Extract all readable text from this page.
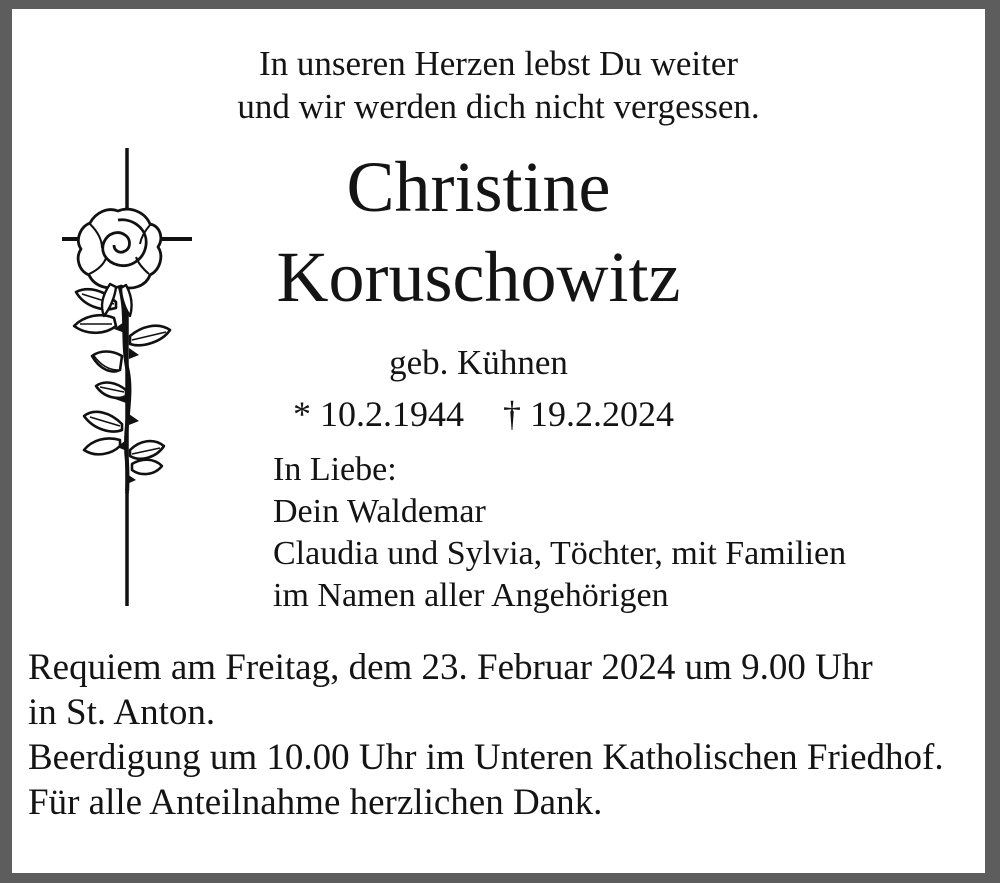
In unseren Herzen lebst Du weiter
und wir werden dich nicht vergessen.
Christine
Koruschowitz
geb. Kühnen
* 10.2.1944 † 19.2.2024
In Liebe:
Dein Waldemar
Claudia und Sylvia, Töchter, mit Familien
im Namen aller Angehörigen
Requiem am Freitag, dem 23. Februar 2024 um 9.00 Uhr
in St. Anton.
Beerdigung um 10.00 Uhr im Unteren Katholischen Friedhof.
Für alle Anteilnahme herzlichen Dank.
